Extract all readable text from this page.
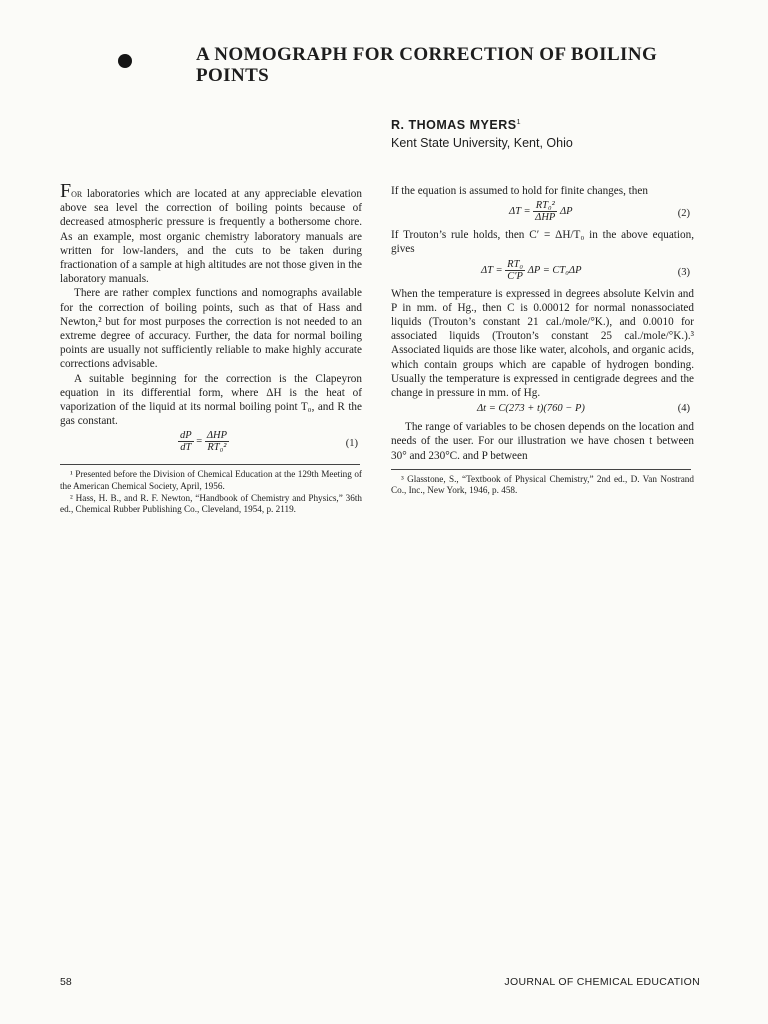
A NOMOGRAPH FOR CORRECTION OF BOILING POINTS
R. THOMAS MYERS$^1$
Kent State University, Kent, Ohio

For laboratories which are located at any appreciable elevation above sea level the correction of boiling points because of decreased atmospheric pressure is frequently a bothersome chore. As an example, most organic chemistry laboratory manuals are written for low-landers, and the cuts to be taken during fractionation of a sample at high altitudes are not those given in the laboratory manuals.

There are rather complex functions and nomographs available for the correction of boiling points, such as that of Hass and Newton,² but for most purposes the correction is not needed to an extreme degree of accuracy. Further, the data for normal boiling points are usually not sufficiently reliable to make highly accurate corrections advisable.

A suitable beginning for the correction is the Clapeyron equation in its differential form, where ΔH is the heat of vaporization of the liquid at its normal boiling point T₀, and R the gas constant.

$\frac{dP}{dT} = \frac{\text{ΔHP}}{\text{RT₀²}}$	(1)

¹ Presented before the Division of Chemical Education at the 129th Meeting of the American Chemical Society, April, 1956.

² Hass, H. B., and R. F. Newton, “Handbook of Chemistry and Physics,” 36th ed., Chemical Rubber Publishing Co., Cleveland, 1954, p. 2119.

If the equation is assumed to hold for finite changes, then

$\Delta T = \frac{\text{RT₀²}}{\text{ΔHP}}$ ΔP	(2)

If Trouton’s rule holds, then C′ = ΔH/T₀ in the above equation, gives

$\Delta T = \frac{\text{RT₀}}{C'P}$ ΔP = CT₀ΔP	(3)

When the temperature is expressed in degrees absolute Kelvin and P in mm. of Hg., then C is 0.00012 for normal nonassociated liquids (Trouton’s constant 21 cal./mole/°K.), and 0.0010 for associated liquids (Trouton’s constant 25 cal./mole/°K.).³ Associated liquids are those like water, alcohols, and organic acids, which contain groups which are capable of hydrogen bonding. Usually the temperature is expressed in centigrade degrees and the change in pressure in mm. of Hg.

Δt = C(273 + t)(760 − P)	(4)

The range of variables to be chosen depends on the location and needs of the user. For our illustration we have chosen t between 30° and 230°C. and P between

³ Glasstone, S., “Textbook of Physical Chemistry,” 2nd ed., D. Van Nostrand Co., Inc., New York, 1946, p. 458.

58	JOURNAL OF CHEMICAL EDUCATION
